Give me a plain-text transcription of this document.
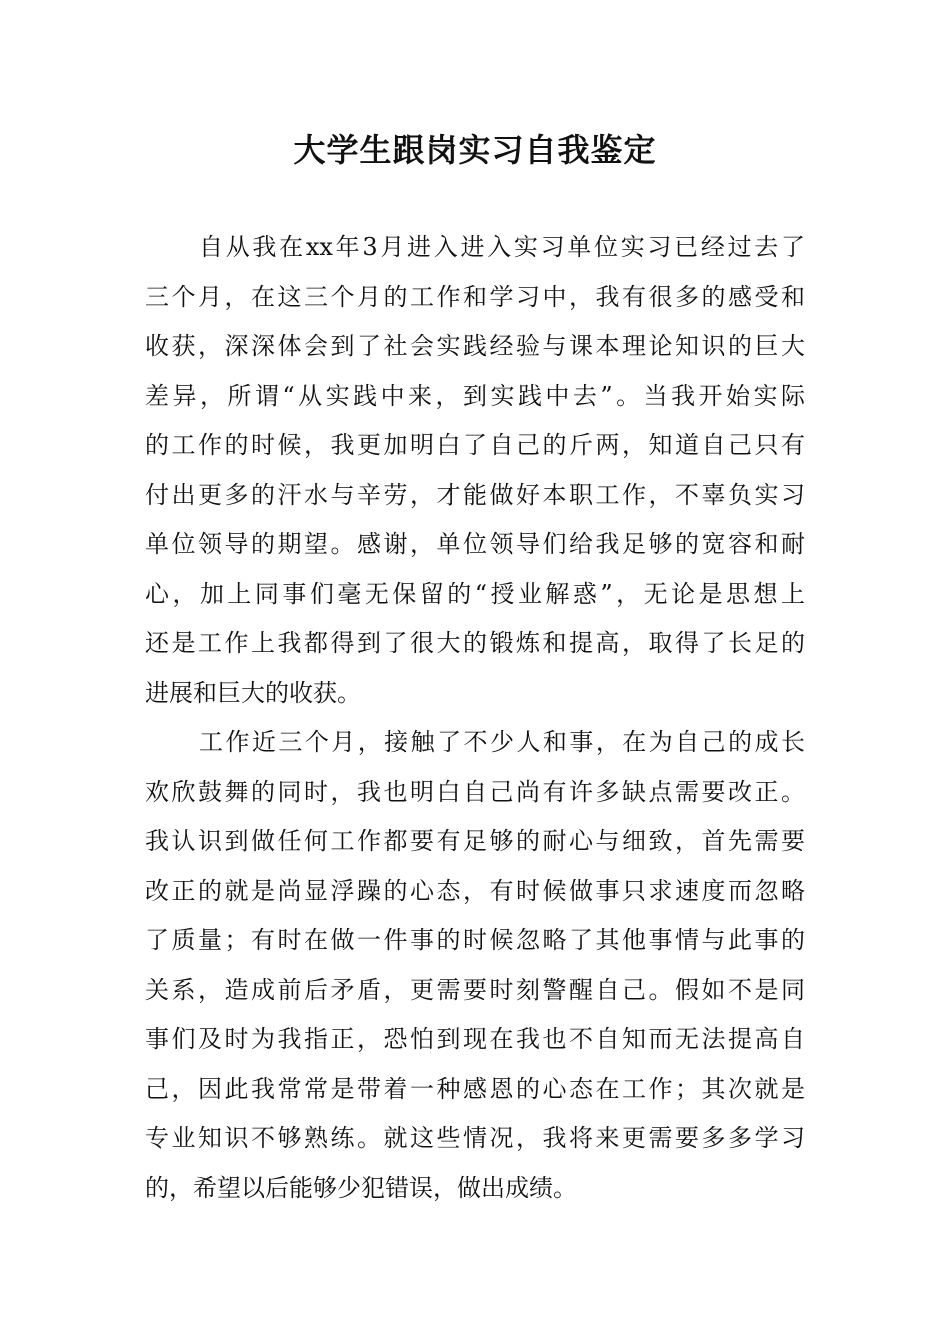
大学生跟岗实习自我鉴定
自从我在xx年3月进入进入实习单位实习已经过去了
三个月，在这三个月的工作和学习中，我有很多的感受和
收获，深深体会到了社会实践经验与课本理论知识的巨大
差异，所谓“从实践中来，到实践中去”。当我开始实际
的工作的时候，我更加明白了自己的斤两，知道自己只有
付出更多的汗水与辛劳，才能做好本职工作，不辜负实习
单位领导的期望。感谢，单位领导们给我足够的宽容和耐
心，加上同事们毫无保留的“授业解惑”，无论是思想上
还是工作上我都得到了很大的锻炼和提高，取得了长足的
进展和巨大的收获。
工作近三个月，接触了不少人和事，在为自己的成长
欢欣鼓舞的同时，我也明白自己尚有许多缺点需要改正。
我认识到做任何工作都要有足够的耐心与细致，首先需要
改正的就是尚显浮躁的心态，有时候做事只求速度而忽略
了质量；有时在做一件事的时候忽略了其他事情与此事的
关系，造成前后矛盾，更需要时刻警醒自己。假如不是同
事们及时为我指正，恐怕到现在我也不自知而无法提高自
己，因此我常常是带着一种感恩的心态在工作；其次就是
专业知识不够熟练。就这些情况，我将来更需要多多学习
的，希望以后能够少犯错误，做出成绩。
